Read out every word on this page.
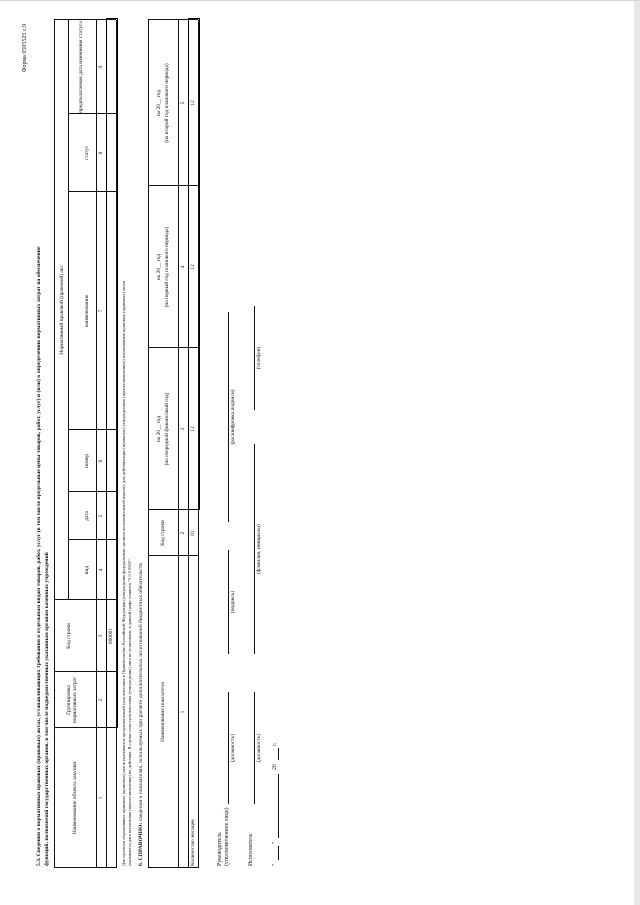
Форма 0505525 с.9
5.3. Сведения о нормативных правовых (правовых) актах, устанавливающих требования к отдельным видам товаров, работ, услуг (в том числе предельные цены товаров, работ, услуг) и (или) к определению нормативных затрат на обеспечение функций, полномочий государственных органов, в том числе подведомственных указанным органам казенных учреждений	Наименование объекта закупки
Группировка нормативных затрат
Код строки
Нормативный правовой (правовой) акт
вид
дата
номер
наименование
статус
предполагаемая дата изменения статуса
1
2
3
4
5
6
7
8
9
000001 Для проектов нормативных правовых (правовых) актов указывается предполагаемый срок внесения в Правительство Российской Федерации (утверждения федеральным органом исполнительной власти); для действующих (принятых) утвержденных (приостановленных) нормативных правовых (правовых) актов указывается дата вступления (приостановления) их действия. В случае если срок внесения (утверждения) акта не установлен, в данной графе ставится "0 0 0 0000". 6. СПРАВОЧНО: сведения о показателях, используемых при расчете дополнительных ассигнований бюджетных обязательств	Наименование показателя
Код строки
на 20__ год (на очередной финансовый год)
на 20__ год (на первый год планового периода)
на 20__ год (на второй год планового периода)
1
2
3
4
5
Количество месяцев
01
12
12
12
Руководитель (уполномоченное лицо)
(должность)
(подпись)
(расшифровка подписи)
Исполнитель
(должность)
(фамилия, инициалы)
(телефон)
"
"
20
г.
